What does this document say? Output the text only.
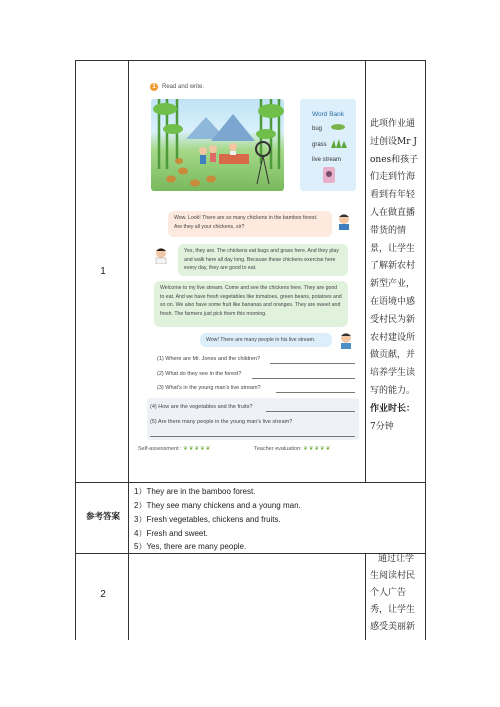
1
参考答案
2
1	Read and write.
Word Bank
bug
grass
live stream
Wow. Look! There are so many chickens in the bamboo forest. Are they all your chickens, sir?
Yes, they are. The chickens eat bugs and grass here. And they play and walk here all day long. Because these chickens exercise here every day, they are good to eat.
Welcome to my live stream. Come and see the chickens here. They are good to eat. And we have fresh vegetables like tomatoes, green beans, potatoes and so on. We also have some fruit like bananas and oranges. They are sweet and fresh. The farmers just pick them this morning.
Wow! There are many people in his live stream.
(1) Where are Mr. Jones and the children?
(2) What do they see in the forest?
(3) What's in the young man's live stream?
(4) How are the vegetables and the fruits?
(5) Are there many people in the young man's live stream?
Self-assessment : ❦❦❦❦❦	Teacher evaluation: ❦❦❦❦❦
此项作业通过创设Mr Jones和孩子们走到竹海看到有年轻人在做直播带货的情景，让学生了解新农村新型产业，在语境中感受村民为新农村建设所做贡献，并培养学生读写的能力。
作业时长：
7分钟
1）They are in the bamboo forest.
2）They see many chickens and a young man.
3）Fresh vegetables, chickens and fruits.
4）Fresh and sweet.
5）Yes, there are many people.
通过让学生阅读村民个人广告秀，让学生感受美丽新
